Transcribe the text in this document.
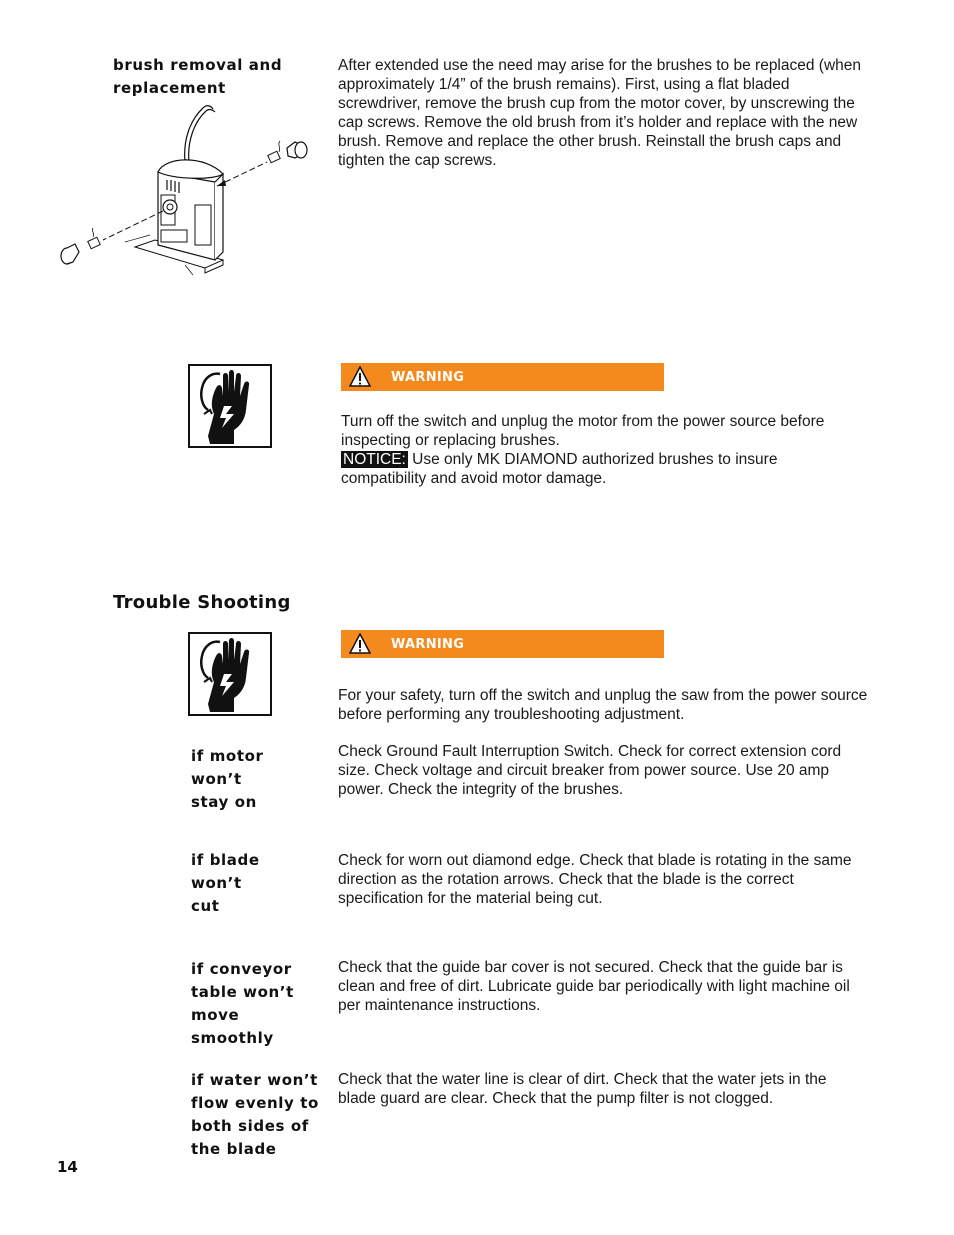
brush removal and
replacement
After extended use the need may arise for the brushes to be replaced (when approximately 1/4” of the brush remains). First, using a flat bladed screwdriver, remove the brush cup from the motor cover, by unscrewing the cap screws. Remove the old brush from it’s holder and replace with the new brush. Remove and replace the other brush. Reinstall the brush caps and tighten the cap screws.
WARNING
Turn off the switch and unplug the motor from the power source before inspecting or replacing brushes.
NOTICE: Use only MK DIAMOND authorized brushes to insure compatibility and avoid motor damage.
Trouble Shooting
WARNING
For your safety, turn off the switch and unplug the saw from the power source before performing any troubleshooting adjustment.
if motor won’t
stay on
Check Ground Fault Interruption Switch. Check for correct extension cord size. Check voltage and circuit breaker from power source. Use 20 amp power. Check the integrity of the brushes.
if blade won’t
cut
Check for worn out diamond edge. Check that blade is rotating in the same direction as the rotation arrows. Check that the blade is the correct specification for the material being cut.
if conveyor
table won’t
move smoothly
Check that the guide bar cover is not secured. Check that the guide bar is clean and free of dirt. Lubricate guide bar periodically with light machine oil per maintenance instructions.
if water won’t
flow evenly to
both sides of
the blade
Check that the water line is clear of dirt. Check that the water jets in the blade guard are clear. Check that the pump filter is not clogged.
14
